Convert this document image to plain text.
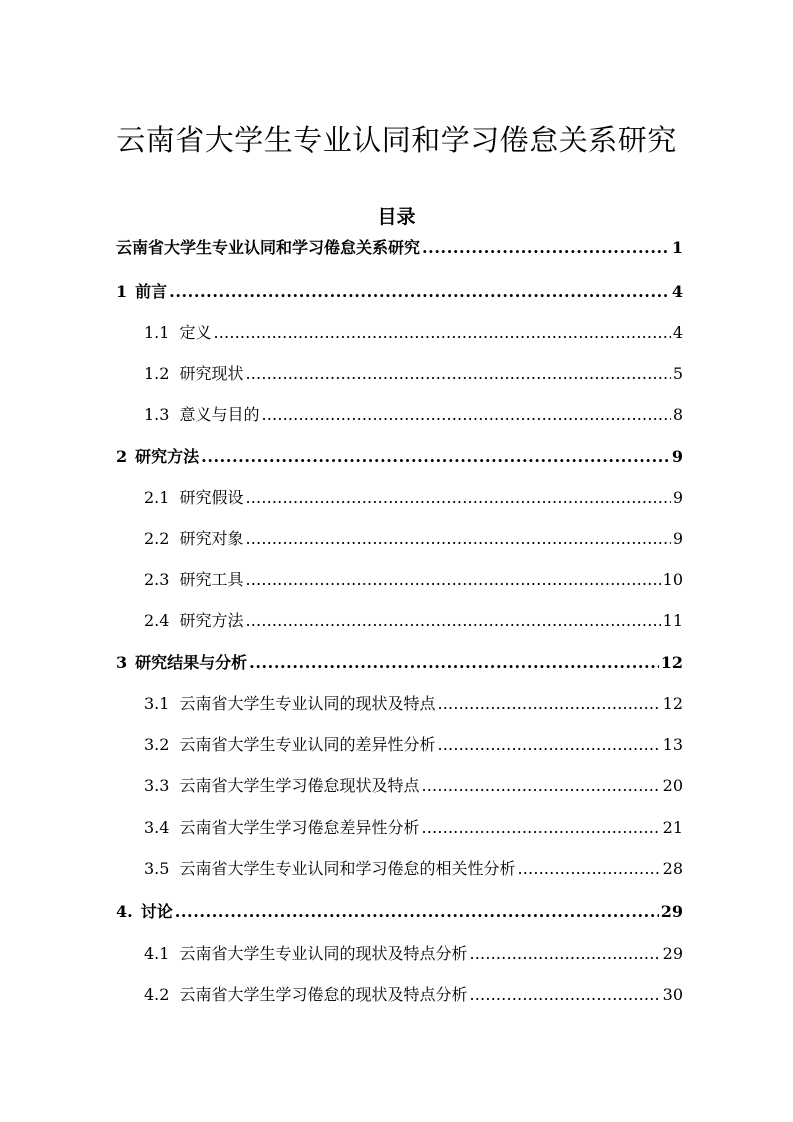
云南省大学生专业认同和学习倦怠关系研究
目录
云南省大学生专业认同和学习倦怠关系研究 .....	1
1 前言 .....	4
1.1 定义 .....	4
1.2 研究现状 .....	5
1.3 意义与目的 .....	8
2 研究方法 .....	9
2.1 研究假设 .....	9
2.2 研究对象 .....	9
2.3 研究工具 .....	10
2.4 研究方法 .....	11
3 研究结果与分析 .....	12
3.1 云南省大学生专业认同的现状及特点 .....	12
3.2 云南省大学生专业认同的差异性分析 .....	13
3.3 云南省大学生学习倦怠现状及特点 .....	20
3.4 云南省大学生学习倦怠差异性分析 .....	21
3.5 云南省大学生专业认同和学习倦怠的相关性分析 .....	28
4. 讨论 .....	29
4.1 云南省大学生专业认同的现状及特点分析 .....	29
4.2 云南省大学生学习倦怠的现状及特点分析 .....	30
